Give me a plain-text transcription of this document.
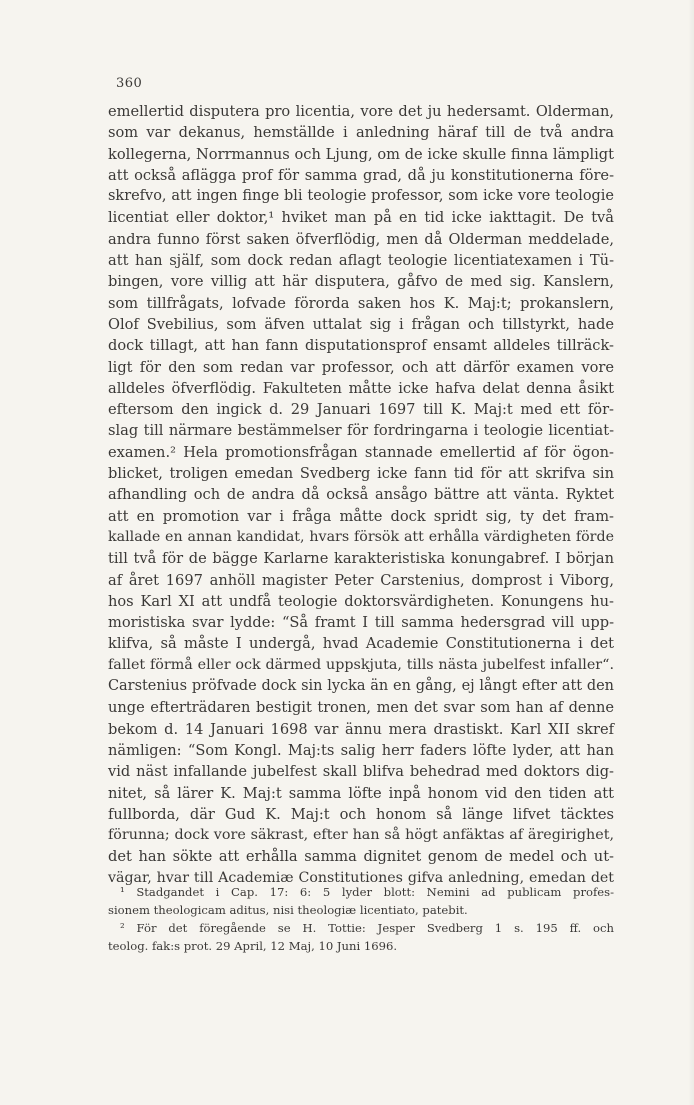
360
emellertid disputera pro licentia, vore det ju hedersamt. Olderman,
som var dekanus, hemställde i anledning häraf till de två andra
kollegerna, Norrmannus och Ljung, om de icke skulle finna lämpligt
att också aflägga prof för samma grad, då ju konstitutionerna före-
skrefvo, att ingen finge bli teologie professor, som icke vore teologie
licentiat eller doktor,¹ hviket man på en tid icke iakttagit. De två
andra funno först saken öfverflödig, men då Olderman meddelade,
att han själf, som dock redan aflagt teologie licentiatexamen i Tü-
bingen, vore villig att här disputera, gåfvo de med sig. Kanslern,
som tillfrågats, lofvade förorda saken hos K. Maj:t; prokanslern,
Olof Svebilius, som äfven uttalat sig i frågan och tillstyrkt, hade
dock tillagt, att han fann disputationsprof ensamt alldeles tillräck-
ligt för den som redan var professor, och att därför examen vore
alldeles öfverflödig. Fakulteten måtte icke hafva delat denna åsikt
eftersom den ingick d. 29 Januari 1697 till K. Maj:t med ett för-
slag till närmare bestämmelser för fordringarna i teologie licentiat-
examen.² Hela promotionsfrågan stannade emellertid af för ögon-
blicket, troligen emedan Svedberg icke fann tid för att skrifva sin
afhandling och de andra då också ansågo bättre att vänta. Ryktet
att en promotion var i fråga måtte dock spridt sig, ty det fram-
kallade en annan kandidat, hvars försök att erhålla värdigheten förde
till två för de bägge Karlarne karakteristiska konungabref. I början
af året 1697 anhöll magister Peter Carstenius, domprost i Viborg,
hos Karl XI att undfå teologie doktorsvärdigheten. Konungens hu-
moristiska svar lydde: “Så framt I till samma hedersgrad vill upp-
klifva, så måste I undergå, hvad Academie Constitutionerna i det
fallet förmå eller ock därmed uppskjuta, tills nästa jubelfest infaller“.
Carstenius pröfvade dock sin lycka än en gång, ej långt efter att den
unge efterträdaren bestigit tronen, men det svar som han af denne
bekom d. 14 Januari 1698 var ännu mera drastiskt. Karl XII skref
nämligen: “Som Kongl. Maj:ts salig herr faders löfte lyder, att han
vid näst infallande jubelfest skall blifva behedrad med doktors dig-
nitet, så lärer K. Maj:t samma löfte inpå honom vid den tiden att
fullborda, där Gud K. Maj:t och honom så länge lifvet täcktes
förunna; dock vore säkrast, efter han så högt anfäktas af äregirighet,
det han sökte att erhålla samma dignitet genom de medel och ut-
vägar, hvar till Academiæ Constitutiones gifva anledning, emedan det
¹ Stadgandet i Cap. 17: 6: 5 lyder blott: Nemini ad publicam profes-
sionem theologicam aditus, nisi theologiæ licentiato, patebit.
² För det föregående se H. Tottie: Jesper Svedberg 1 s. 195 ff. och
teolog. fak:s prot. 29 April, 12 Maj, 10 Juni 1696.
